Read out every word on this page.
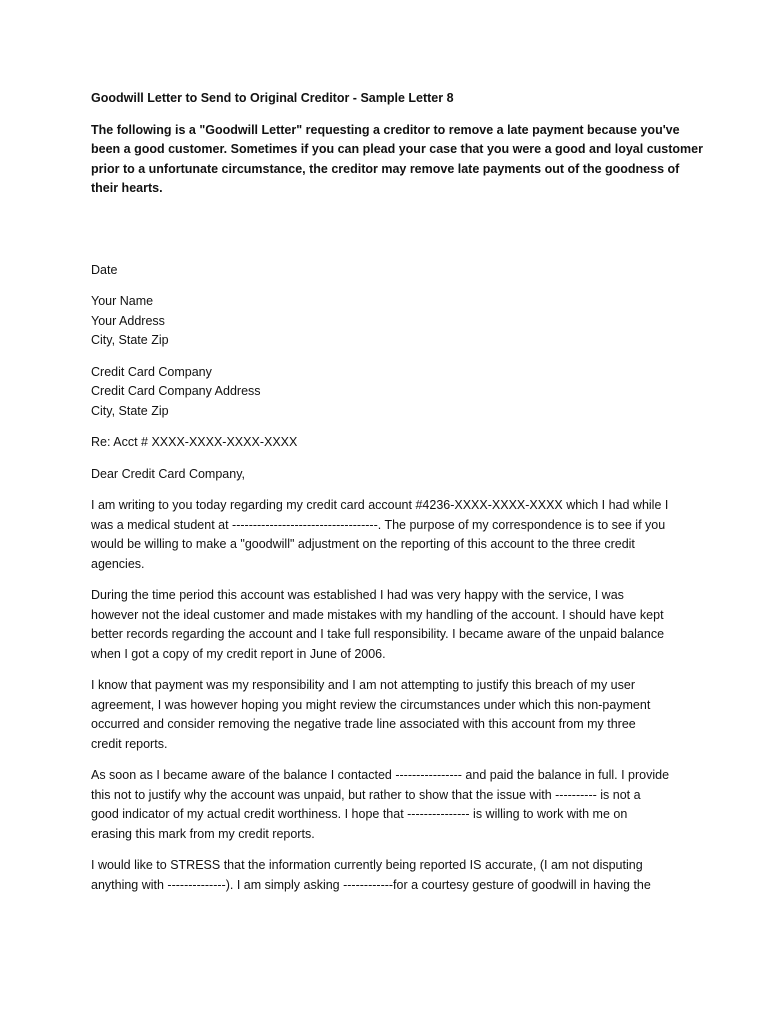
Goodwill Letter to Send to Original Creditor - Sample Letter 8

The following is a "Goodwill Letter" requesting a creditor to remove a late payment because you've
been a good customer. Sometimes if you can plead your case that you were a good and loyal customer
prior to a unfortunate circumstance, the creditor may remove late payments out of the goodness of
their hearts.

Date
Your Name
Your Address
City, State Zip
Credit Card Company
Credit Card Company Address
City, State Zip
Re: Acct # XXXX-XXXX-XXXX-XXXX
Dear Credit Card Company,

I am writing to you today regarding my credit card account #4236-XXXX-XXXX-XXXX which I had while I
was a medical student at -----------------------------------. The purpose of my correspondence is to see if you
would be willing to make a "goodwill" adjustment on the reporting of this account to the three credit
agencies.

During the time period this account was established I had was very happy with the service, I was
however not the ideal customer and made mistakes with my handling of the account. I should have kept
better records regarding the account and I take full responsibility. I became aware of the unpaid balance
when I got a copy of my credit report in June of 2006.

I know that payment was my responsibility and I am not attempting to justify this breach of my user
agreement, I was however hoping you might review the circumstances under which this non-payment
occurred and consider removing the negative trade line associated with this account from my three
credit reports.

As soon as I became aware of the balance I contacted ---------------- and paid the balance in full. I provide
this not to justify why the account was unpaid, but rather to show that the issue with ---------- is not a
good indicator of my actual credit worthiness. I hope that --------------- is willing to work with me on
erasing this mark from my credit reports.

I would like to STRESS that the information currently being reported IS accurate, (I am not disputing
anything with --------------). I am simply asking ------------for a courtesy gesture of goodwill in having the
